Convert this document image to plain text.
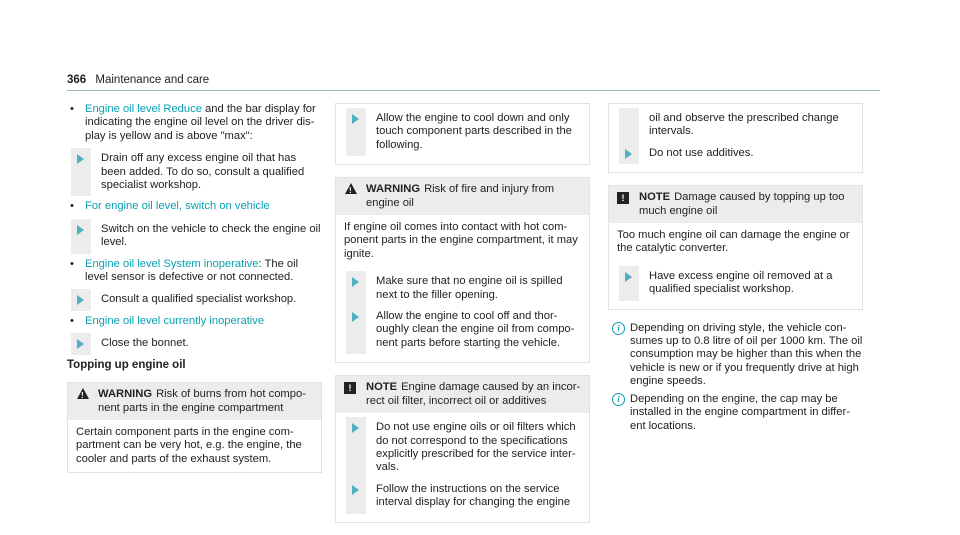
366 Maintenance and care
• Engine oil level Reduce and the bar display for indicating the engine oil level on the driver dis-play is yellow and is above "max":
Drain off any excess engine oil that has been added. To do so, consult a qualified specialist workshop.
• For engine oil level, switch on vehicle
Switch on the vehicle to check the engine oil level.
• Engine oil level System inoperative: The oil level sensor is defective or not connected.
Consult a qualified specialist workshop.
• Engine oil level currently inoperative
Close the bonnet.
Topping up engine oil
!
WARNING Risk of burns from hot compo-nent parts in the engine compartment
Certain component parts in the engine com-partment can be very hot, e.g. the engine, the cooler and parts of the exhaust system.
Allow the engine to cool down and only touch component parts described in the following.
!
WARNING Risk of fire and injury from engine oil
If engine oil comes into contact with hot com-ponent parts in the engine compartment, it may ignite.
Make sure that no engine oil is spilled next to the filler opening.
Allow the engine to cool off and thor-oughly clean the engine oil from compo-nent parts before starting the vehicle.
!	NOTE Engine damage caused by an incor-rect oil filter, incorrect oil or additives
Do not use engine oils or oil filters which do not correspond to the specifications explicitly prescribed for the service inter-vals.
Follow the instructions on the service interval display for changing the engine
oil and observe the prescribed change intervals.
Do not use additives.
!	NOTE Damage caused by topping up too much engine oil
Too much engine oil can damage the engine or the catalytic converter.
Have excess engine oil removed at a qualified specialist workshop.
i Depending on driving style, the vehicle con-sumes up to 0.8 litre of oil per 1000 km. The oil consumption may be higher than this when the vehicle is new or if you frequently drive at high engine speeds.
i Depending on the engine, the cap may be installed in the engine compartment in differ-ent locations.
